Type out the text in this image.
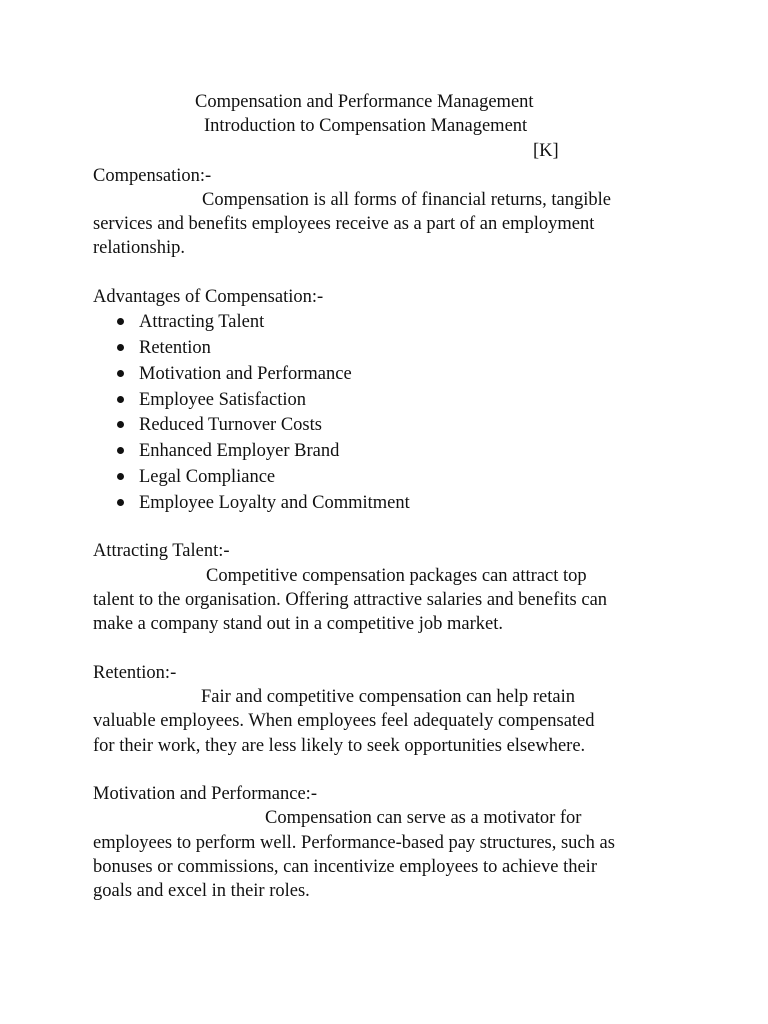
Compensation and Performance Management
Introduction to Compensation Management
[K]
Compensation:-
Compensation is all forms of financial returns, tangible
services and benefits employees receive as a part of an employment
relationship.
Advantages of Compensation:-
Attracting Talent
Retention
Motivation and Performance
Employee Satisfaction
Reduced Turnover Costs
Enhanced Employer Brand
Legal Compliance
Employee Loyalty and Commitment
Attracting Talent:-
Competitive compensation packages can attract top
talent to the organisation. Offering attractive salaries and benefits can
make a company stand out in a competitive job market.
Retention:-
Fair and competitive compensation can help retain
valuable employees. When employees feel adequately compensated
for their work, they are less likely to seek opportunities elsewhere.
Motivation and Performance:-
Compensation can serve as a motivator for
employees to perform well. Performance-based pay structures, such as
bonuses or commissions, can incentivize employees to achieve their
goals and excel in their roles.
